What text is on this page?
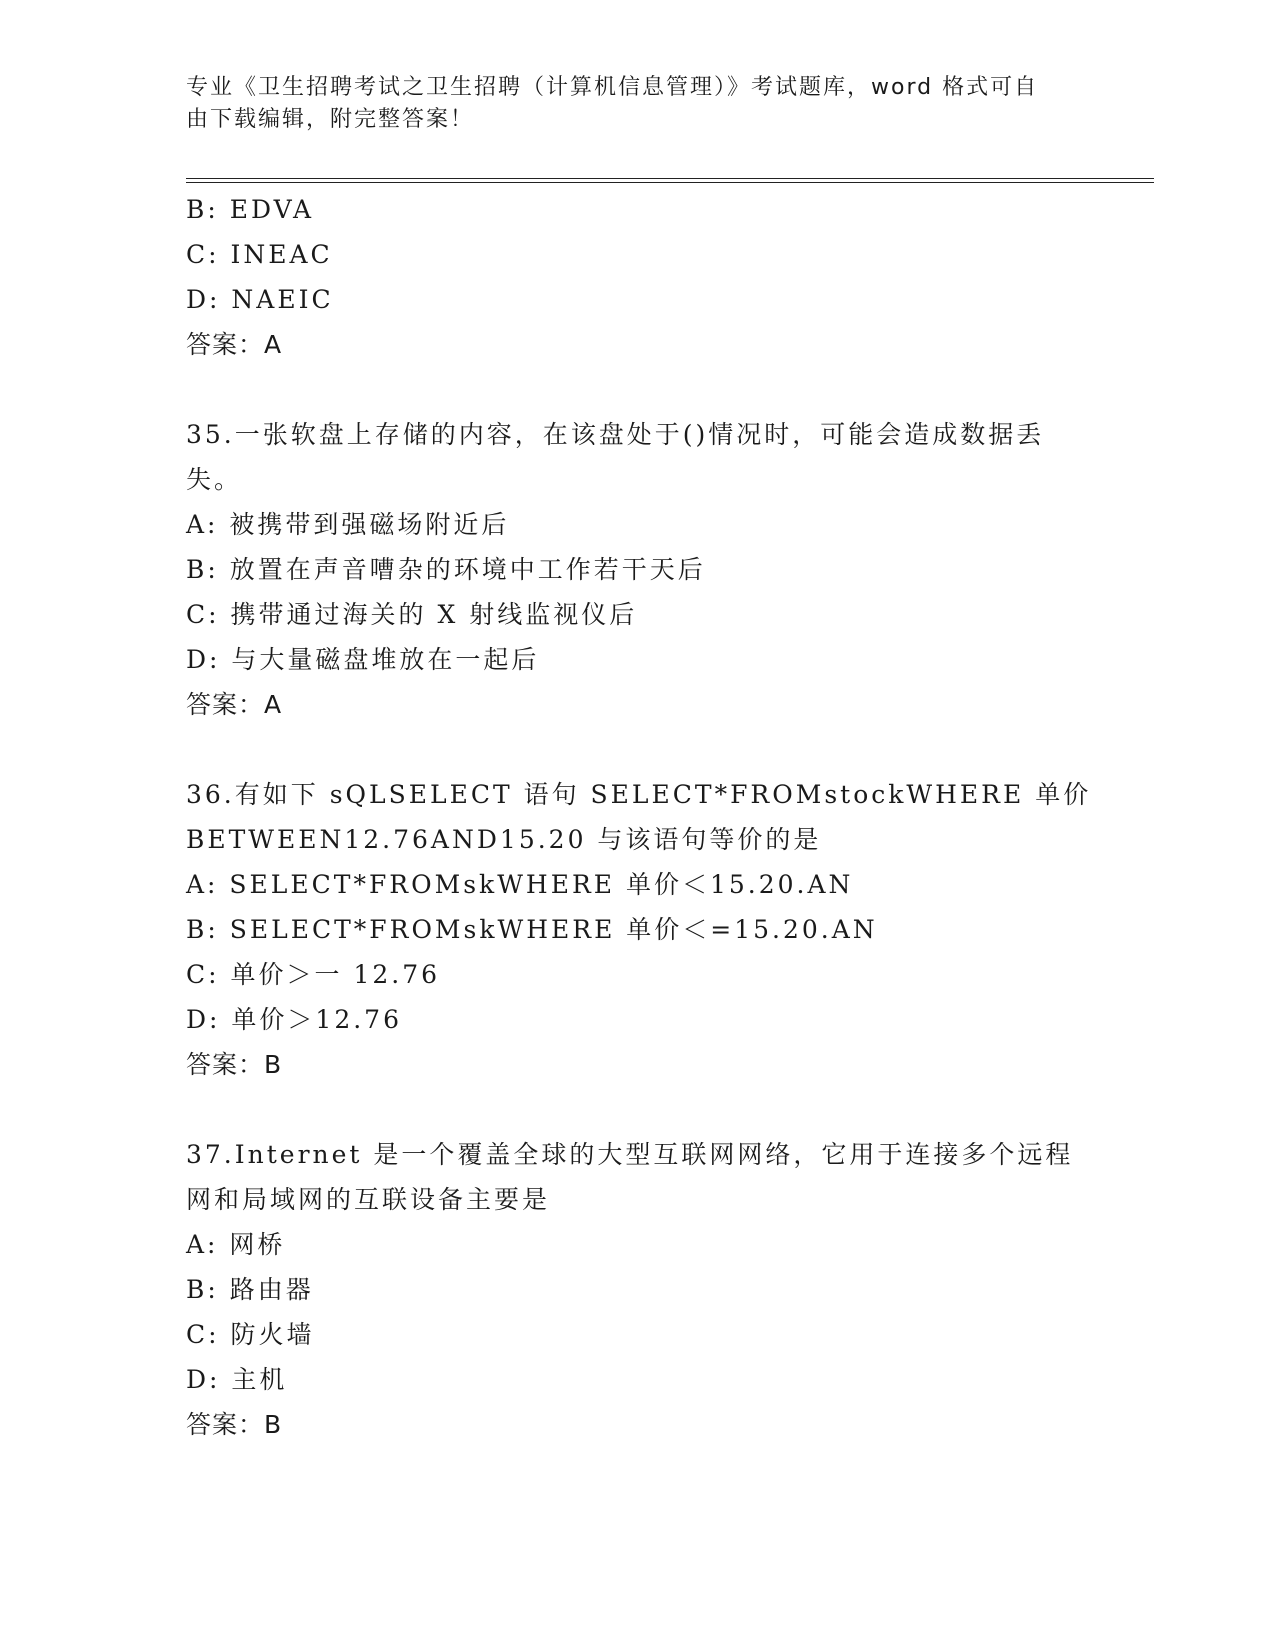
专业《卫生招聘考试之卫生招聘（计算机信息管理）》考试题库，word 格式可自
由下载编辑，附完整答案！
B: EDVA
C: INEAC
D: NAEIC
答案：A
35.一张软盘上存储的内容，在该盘处于()情况时，可能会造成数据丢
失。
A: 被携带到强磁场附近后
B: 放置在声音嘈杂的环境中工作若干天后
C: 携带通过海关的 X 射线监视仪后
D: 与大量磁盘堆放在一起后
答案：A
36.有如下 sQLSELECT 语句 SELECT*FROMstockWHERE 单价
BETWEEN12.76AND15.20 与该语句等价的是
A: SELECT*FROMskWHERE 单价＜15.20.AN
B: SELECT*FROMskWHERE 单价＜=15.20.AN
C: 单价＞一 12.76
D: 单价＞12.76
答案：B
37.Internet 是一个覆盖全球的大型互联网网络，它用于连接多个远程
网和局域网的互联设备主要是
A: 网桥
B: 路由器
C: 防火墙
D: 主机
答案：B
